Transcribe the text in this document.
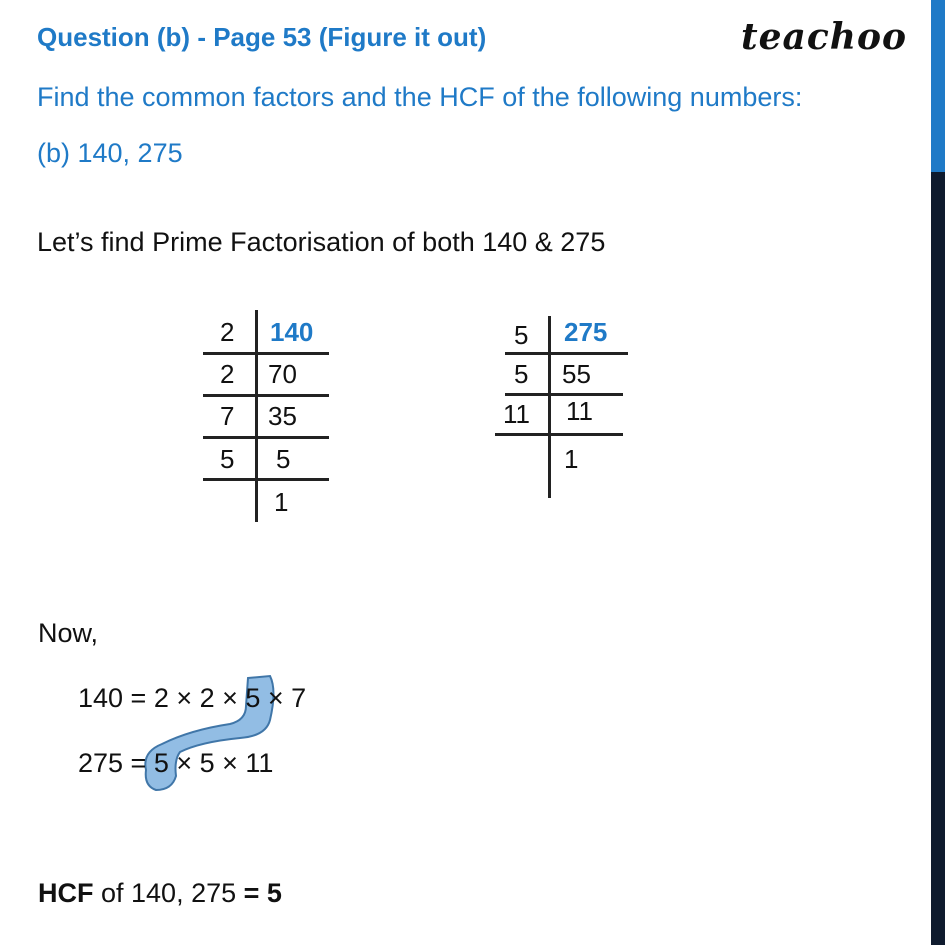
Question (b) - Page 53 (Figure it out)	teachoo
Find the common factors and the HCF of the following numbers:
(b) 140, 275
Let’s find Prime Factorisation of both 140 & 275
2 140
2 70
7 35
5 5
1
5 275
5 55
11 11
1
Now,
140 = 2 × 2 × 5 × 7
275 = 5 × 5 × 11
HCF of 140, 275 = 5
